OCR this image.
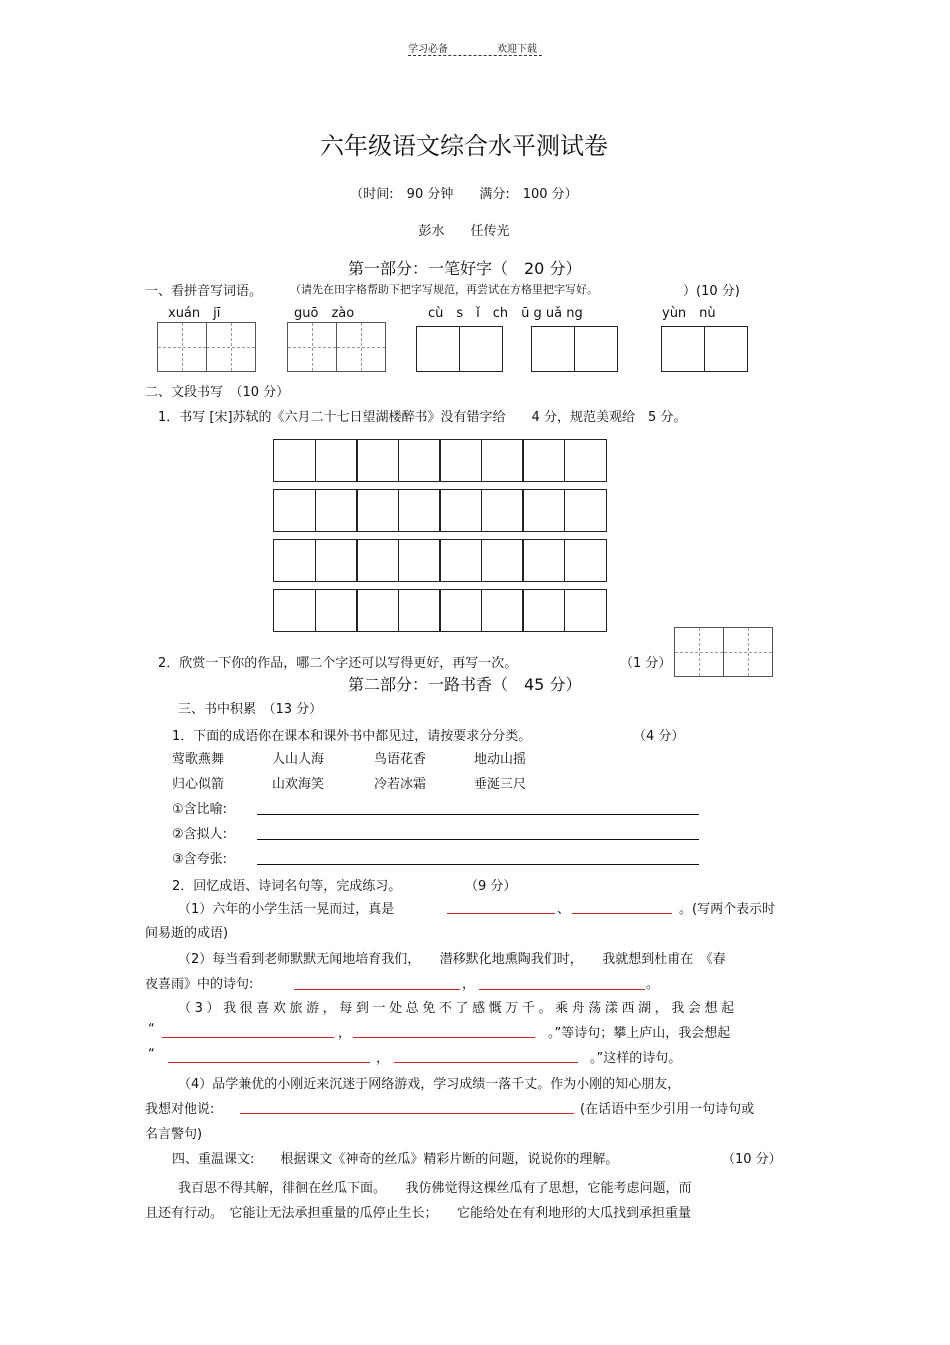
学习必备	欢迎下载
六年级语文综合水平测试卷
（时间:　90 分钟　　满分:　100 分）
彭水　　任传光
第一部分：一笔好字（　20 分）
一、看拼音写词语。	（请先在田字格帮助下把字写规范，再尝试在方格里把字写好。	）(10 分)
xuán　jī	guō　zào	cù　s　ǐ　ch　ū g uǎ ng	yùn　nù
二、文段书写　（10 分）
1．书写 [宋]苏轼的《六月二十七日望湖楼醉书》没有错字给　　4 分，规范美观给　5 分。
2．欣赏一下你的作品，哪二个字还可以写得更好，再写一次。	（1 分）
第二部分：一路书香（　45 分）
三、书中积累　（13 分）
1．下面的成语你在课本和课外书中都见过，请按要求分分类。	（4 分）
莺歌燕舞	人山人海	鸟语花香	地动山摇
归心似箭	山欢海笑	冷若冰霜	垂涎三尺
①含比喻:
②含拟人:
③含夸张:
2．回忆成语、诗词名句等，完成练习。	（9 分）
（1）六年的小学生活一晃而过，真是	、	。(写两个表示时
间易逝的成语)
（2）每当看到老师默默无闻地培育我们，　　潜移默化地熏陶我们时，　　我就想到杜甫在　《春
夜喜雨》中的诗句:	，	。
（3）我很喜欢旅游，每到一处总免不了感慨万千。乘舟荡漾西湖，我会想起
“	，	。”等诗句；攀上庐山，我会想起
“	，	。”这样的诗句。
（4）品学兼优的小刚近来沉迷于网络游戏，学习成绩一落千丈。作为小刚的知心朋友，
我想对他说:	(在话语中至少引用一句诗句或
名言警句)
四、重温课文:　　根据课文《神奇的丝瓜》精彩片断的问题，说说你的理解。	（10 分）
我百思不得其解，徘徊在丝瓜下面。　　我仿佛觉得这棵丝瓜有了思想，它能考虑问题，而
且还有行动。　它能让无法承担重量的瓜停止生长；　　它能给处在有利地形的大瓜找到承担重量
